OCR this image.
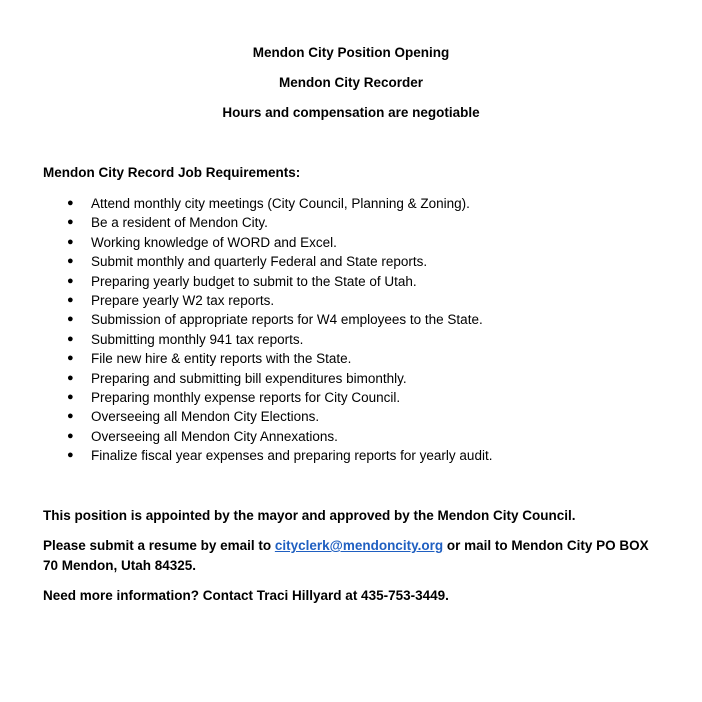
Mendon City Position Opening
Mendon City Recorder
Hours and compensation are negotiable
Mendon City Record Job Requirements:
● Attend monthly city meetings (City Council, Planning & Zoning).
● Be a resident of Mendon City.
● Working knowledge of WORD and Excel.
● Submit monthly and quarterly Federal and State reports.
● Preparing yearly budget to submit to the State of Utah.
● Prepare yearly W2 tax reports.
● Submission of appropriate reports for W4 employees to the State.
● Submitting monthly 941 tax reports.
● File new hire & entity reports with the State.
● Preparing and submitting bill expenditures bimonthly.
● Preparing monthly expense reports for City Council.
● Overseeing all Mendon City Elections.
● Overseeing all Mendon City Annexations.
● Finalize fiscal year expenses and preparing reports for yearly audit.
This position is appointed by the mayor and approved by the Mendon City Council.
Please submit a resume by email to cityclerk@mendoncity.org or mail to Mendon City PO BOX 70 Mendon, Utah 84325.
Need more information? Contact Traci Hillyard at 435-753-3449.
